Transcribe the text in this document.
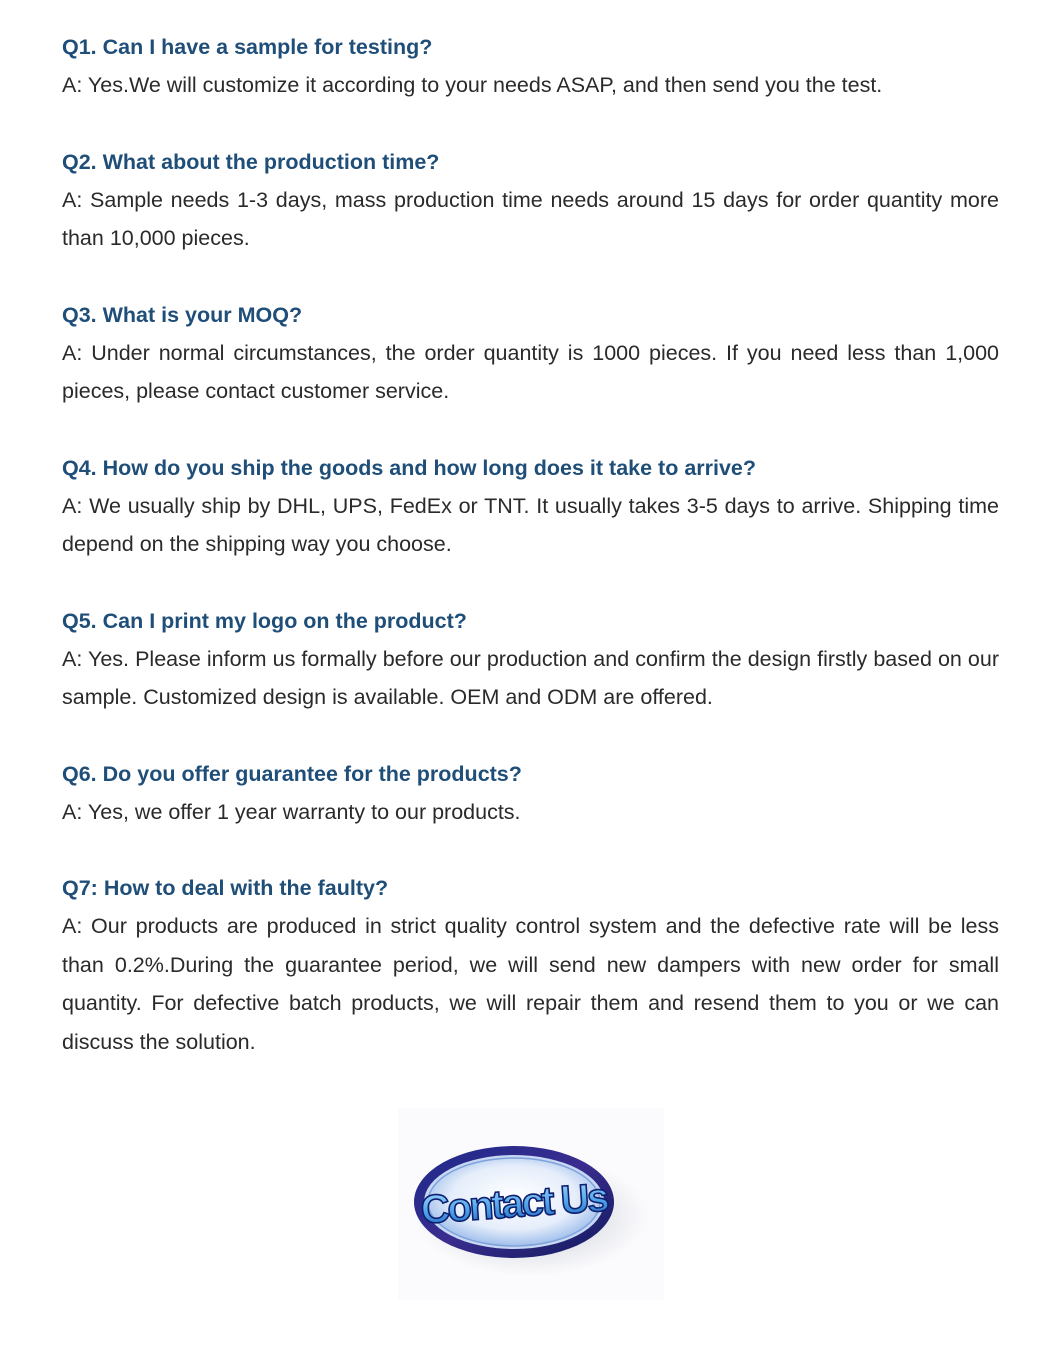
Q1. Can I have a sample for testing?

A: Yes.We will customize it according to your needs ASAP, and then send you the test.

Q2. What about the production time?

A: Sample needs 1-3 days, mass production time needs around 15 days for order quantity more than 10,000 pieces.

Q3. What is your MOQ?

A: Under normal circumstances, the order quantity is 1000 pieces. If you need less than 1,000 pieces, please contact customer service.

Q4. How do you ship the goods and how long does it take to arrive?

A: We usually ship by DHL, UPS, FedEx or TNT. It usually takes 3-5 days to arrive. Shipping time depend on the shipping way you choose.

Q5. Can I print my logo on the product?

A: Yes. Please inform us formally before our production and confirm the design firstly based on our sample. Customized design is available. OEM and ODM are offered.

Q6. Do you offer guarantee for the products?

A: Yes, we offer 1 year warranty to our products.

Q7: How to deal with the faulty?

A: Our products are produced in strict quality control system and the defective rate will be less than 0.2%.During the guarantee period, we will send new dampers with new order for small quantity. For defective batch products, we will repair them and resend them to you or we can discuss the solution.

Contact Us
